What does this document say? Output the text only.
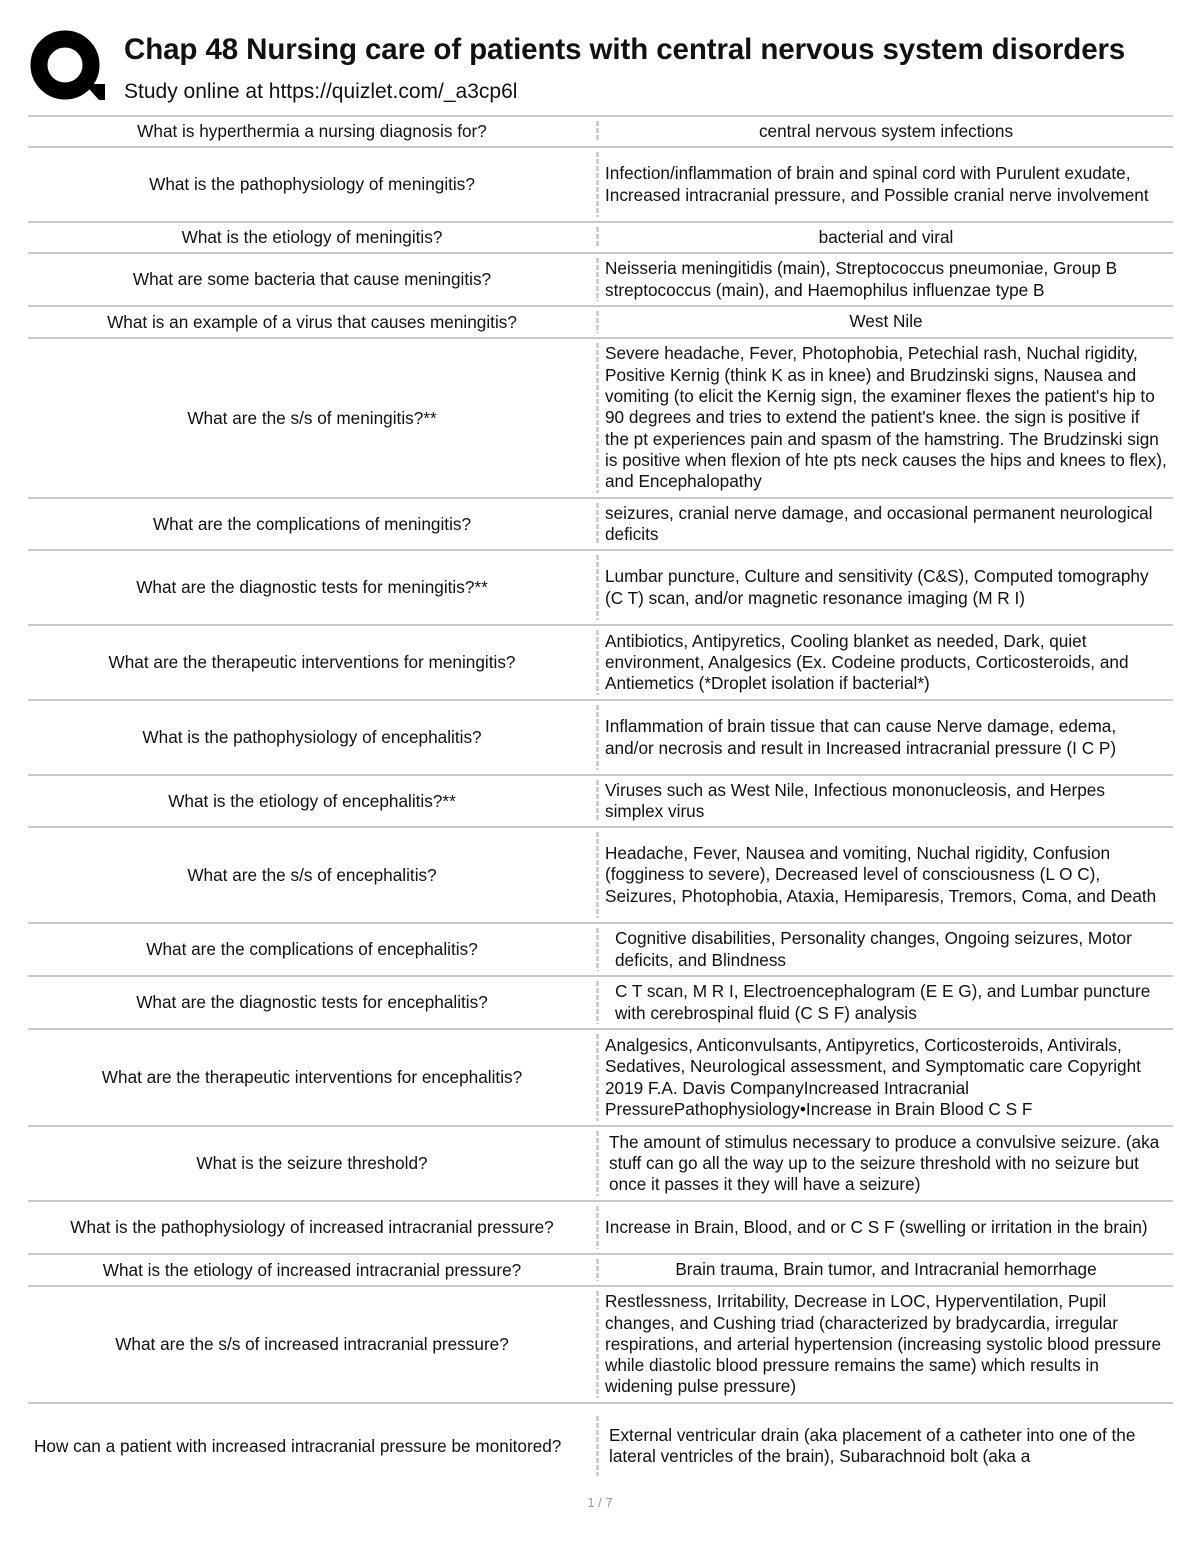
Chap 48 Nursing care of patients with central nervous system disorders
Study online at https://quizlet.com/_a3cp6l
What is hyperthermia a nursing diagnosis for?	central nervous system infections
What is the pathophysiology of meningitis?
Infection/inflammation of brain and spinal cord with Purulent exudate, Increased intracranial pressure, and Possible cranial nerve involvement
What is the etiology of meningitis?	bacterial and viral
What are some bacteria that cause meningitis?
Neisseria meningitidis (main), Streptococcus pneumoniae, Group B streptococcus (main), and Haemophilus influenzae type B
What is an example of a virus that causes meningitis?	West Nile
What are the s/s of meningitis?**
Severe headache, Fever, Photophobia, Petechial rash, Nuchal rigidity, Positive Kernig (think K as in knee) and Brudzinski signs, Nausea and vomiting (to elicit the Kernig sign, the examiner flexes the patient's hip to 90 degrees and tries to extend the patient's knee. the sign is positive if the pt experiences pain and spasm of the hamstring. The Brudzinski sign is positive when flexion of hte pts neck causes the hips and knees to flex), and Encephalopathy
What are the complications of meningitis?
seizures, cranial nerve damage, and occasional permanent neurological deficits
What are the diagnostic tests for meningitis?**
Lumbar puncture, Culture and sensitivity (C&S), Computed tomography (C T) scan, and/or magnetic resonance imaging (M R I)
What are the therapeutic interventions for meningitis?
Antibiotics, Antipyretics, Cooling blanket as needed, Dark, quiet environment, Analgesics (Ex. Codeine products, Corticosteroids, and Antiemetics (*Droplet isolation if bacterial*)
What is the pathophysiology of encephalitis?
Inflammation of brain tissue that can cause Nerve damage, edema, and/or necrosis and result in Increased intracranial pressure (I C P)
What is the etiology of encephalitis?**
Viruses such as West Nile, Infectious mononucleosis, and Herpes simplex virus
What are the s/s of encephalitis?
Headache, Fever, Nausea and vomiting, Nuchal rigidity, Confusion (fogginess to severe), Decreased level of consciousness (L O C), Seizures, Photophobia, Ataxia, Hemiparesis, Tremors, Coma, and Death
What are the complications of encephalitis?
Cognitive disabilities, Personality changes, Ongoing seizures, Motor deficits, and Blindness
What are the diagnostic tests for encephalitis?
C T scan, M R I, Electroencephalogram (E E G), and Lumbar puncture with cerebrospinal fluid (C S F) analysis
What are the therapeutic interventions for encephalitis?
Analgesics, Anticonvulsants, Antipyretics, Corticosteroids, Antivirals, Sedatives, Neurological assessment, and Symptomatic care Copyright 2019 F.A. Davis CompanyIncreased Intracranial PressurePathophysiology•Increase in Brain Blood C S F
What is the seizure threshold?
The amount of stimulus necessary to produce a convulsive seizure. (aka stuff can go all the way up to the seizure threshold with no seizure but once it passes it they will have a seizure)
What is the pathophysiology of increased intracranial pressure?	Increase in Brain, Blood, and or C S F (swelling or irritation in the brain)
What is the etiology of increased intracranial pressure?	Brain trauma, Brain tumor, and Intracranial hemorrhage
What are the s/s of increased intracranial pressure?
Restlessness, Irritability, Decrease in LOC, Hyperventilation, Pupil changes, and Cushing triad (characterized by bradycardia, irregular respirations, and arterial hypertension (increasing systolic blood pressure while diastolic blood pressure remains the same) which results in widening pulse pressure)
How can a patient with increased intracranial pressure be monitored?
External ventricular drain (aka placement of a catheter into one of the lateral ventricles of the brain), Subarachnoid bolt (aka a
1 / 7
